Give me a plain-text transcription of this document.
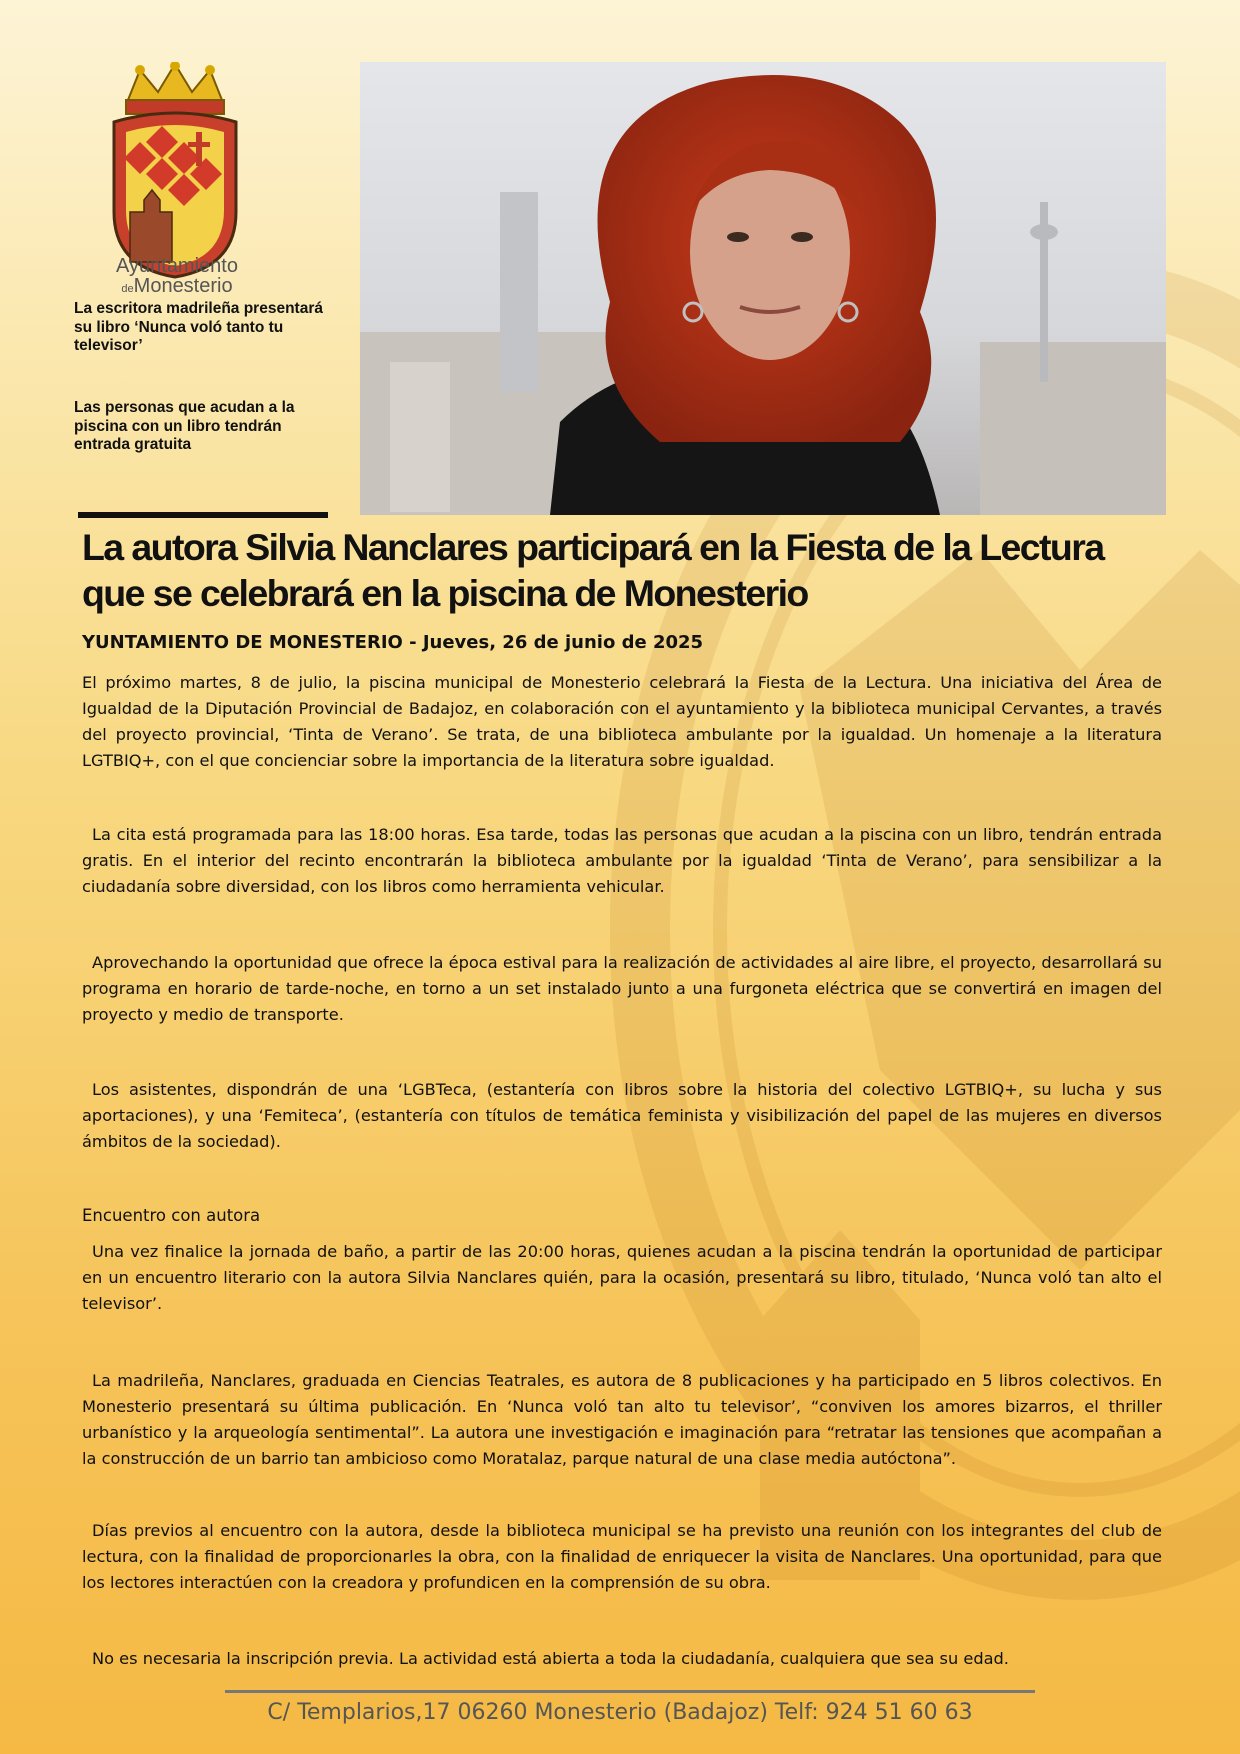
Ayuntamiento
deMonesterio
La escritora madrileña presentará su libro ‘Nunca voló tanto tu televisor’
Las personas que acudan a la piscina con un libro tendrán entrada gratuita
La autora Silvia Nanclares participará en la Fiesta de la Lectura
que se celebrará en la piscina de Monesterio
YUNTAMIENTO DE MONESTERIO - Jueves, 26 de junio de 2025

El próximo martes, 8 de julio, la piscina municipal de Monesterio celebrará la Fiesta de la Lectura. Una iniciativa del Área de Igualdad de la Diputación Provincial de Badajoz, en colaboración con el ayuntamiento y la biblioteca municipal Cervantes, a través del proyecto provincial, ‘Tinta de Verano’. Se trata, de una biblioteca ambulante por la igualdad. Un homenaje a la literatura LGTBIQ+, con el que concienciar sobre la importancia de la literatura sobre igualdad.

La cita está programada para las 18:00 horas. Esa tarde, todas las personas que acudan a la piscina con un libro, tendrán entrada gratis. En el interior del recinto encontrarán la biblioteca ambulante por la igualdad ‘Tinta de Verano’, para sensibilizar a la ciudadanía sobre diversidad, con los libros como herramienta vehicular.

Aprovechando la oportunidad que ofrece la época estival para la realización de actividades al aire libre, el proyecto, desarrollará su programa en horario de tarde-noche, en torno a un set instalado junto a una furgoneta eléctrica que se convertirá en imagen del proyecto y medio de transporte.

Los asistentes, dispondrán de una ‘LGBTeca, (estantería con libros sobre la historia del colectivo LGTBIQ+, su lucha y sus aportaciones), y una ‘Femiteca’, (estantería con títulos de temática feminista y visibilización del papel de las mujeres en diversos ámbitos de la sociedad).

Encuentro con autora

Una vez finalice la jornada de baño, a partir de las 20:00 horas, quienes acudan a la piscina tendrán la oportunidad de participar en un encuentro literario con la autora Silvia Nanclares quién, para la ocasión, presentará su libro, titulado, ‘Nunca voló tan alto el televisor’.

La madrileña, Nanclares, graduada en Ciencias Teatrales, es autora de 8 publicaciones y ha participado en 5 libros colectivos. En Monesterio presentará su última publicación. En ‘Nunca voló tan alto tu televisor’, “conviven los amores bizarros, el thriller urbanístico y la arqueología sentimental”. La autora une investigación e imaginación para “retratar las tensiones que acompañan a la construcción de un barrio tan ambicioso como Moratalaz, parque natural de una clase media autóctona”.

Días previos al encuentro con la autora, desde la biblioteca municipal se ha previsto una reunión con los integrantes del club de lectura, con la finalidad de proporcionarles la obra, con la finalidad de enriquecer la visita de Nanclares. Una oportunidad, para que los lectores interactúen con la creadora y profundicen en la comprensión de su obra.

No es necesaria la inscripción previa. La actividad está abierta a toda la ciudadanía, cualquiera que sea su edad.

C/ Templarios,17 06260 Monesterio (Badajoz) Telf: 924 51 60 63
